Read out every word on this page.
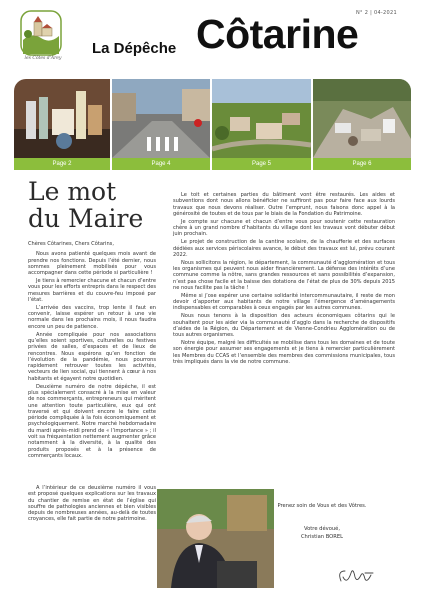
les Côtes d'Arey
La Dépêche Côtarine
N° 2 | 04-2021
Page 2	Page 4	Page 5	Page 6
Le mot
du Maire

Chères Côtarines, Chers Côtarins,

Nous avons patienté quelques mois avant de prendre nos fonctions. Depuis l’été dernier, nous sommes pleinement mobilisés pour vous accompagner dans cette période si particulière !

Je tiens à remercier chacune et chacun d’entre vous pour les efforts entrepris dans le respect des mesures barrières et du couvre-feu imposé par l’état.

L’arrivée des vaccins, trop lente il faut en convenir, laisse espérer un retour à une vie normale dans les prochains mois, il nous faudra encore un peu de patience.

Année compliquée pour nos associations qu’elles soient sportives, culturelles ou festives privées de salles, d’espaces et de lieux de rencontres. Nous espérons qu’en fonction de l’évolution de la pandémie, nous pourrons rapidement retrouver toutes les activités, vecteurs de lien social, qui tiennent à cœur à nos habitants et égayent notre quotidien.

Deuxième numéro de notre dépêche, il est plus spécialement consacré à la mise en valeur de nos commerçants, entrepreneurs qui méritent une attention toute particulière, eux qui ont traversé et qui doivent encore le faire cette période compliquée à la fois économiquement et psychologiquement. Notre marché hebdomadaire du mardi après-midi prend de « l’importance » ; il voit sa fréquentation nettement augmenter grâce notamment à la diversité, à la qualité des produits proposés et à la présence de commerçants locaux.

A l’intérieur de ce deuxième numéro il vous est proposé quelques explications sur les travaux du chantier de remise en état de l’église qui souffre de pathologies anciennes et bien visibles depuis de nombreuses années, au-delà de toutes croyances, elle fait partie de notre patrimoine.

Le toit et certaines parties du bâtiment vont être restaurés. Les aides et subventions dont nous allons bénéficier ne suffiront pas pour faire face aux lourds travaux que nous devons réaliser. Outre l’emprunt, nous faisons donc appel à la générosité de toutes et de tous par le biais de la Fondation du Patrimoine.

Je compte sur chacune et chacun d’entre vous pour soutenir cette restauration chère à un grand nombre d’habitants du village dont les travaux vont débuter début juin prochain.

Le projet de construction de la cantine scolaire, de la chaufferie et des surfaces dédiées aux services périscolaires avance, le début des travaux est lui, prévu courant 2022.

Nous sollicitons la région, le département, la communauté d’agglomération et tous les organismes qui peuvent nous aider financièrement. La défense des intérêts d’une commune comme la nôtre, sans grandes ressources et sans possibilités d’expansion, n’est pas chose facile et la baisse des dotations de l’état de plus de 30% depuis 2015 ne nous facilite pas la tâche !

Même si j’ose espérer une certaine solidarité intercommunautaire, il reste de mon devoir d’apporter aux habitants de notre village l’émergence d’aménagements indispensables et comparables à ceux engagés par les autres communes.

Nous nous tenons à la disposition des acteurs économiques côtarins qui le souhaitent pour les aider via la communauté d’agglo dans la recherche de dispositifs d’aides de la Région, du Département et de Vienne-Condrieu Agglomération ou de tous autres organismes.

Notre équipe, malgré les difficultés se mobilise dans tous les domaines et de toute son énergie pour assumer ses engagements et je tiens à remercier particulièrement les Membres du CCAS et l’ensemble des membres des commissions municipales, tous très impliqués dans la vie de notre commune.

Prenez soin de Vous et des Vôtres.
Votre dévoué,
Christian BOREL
